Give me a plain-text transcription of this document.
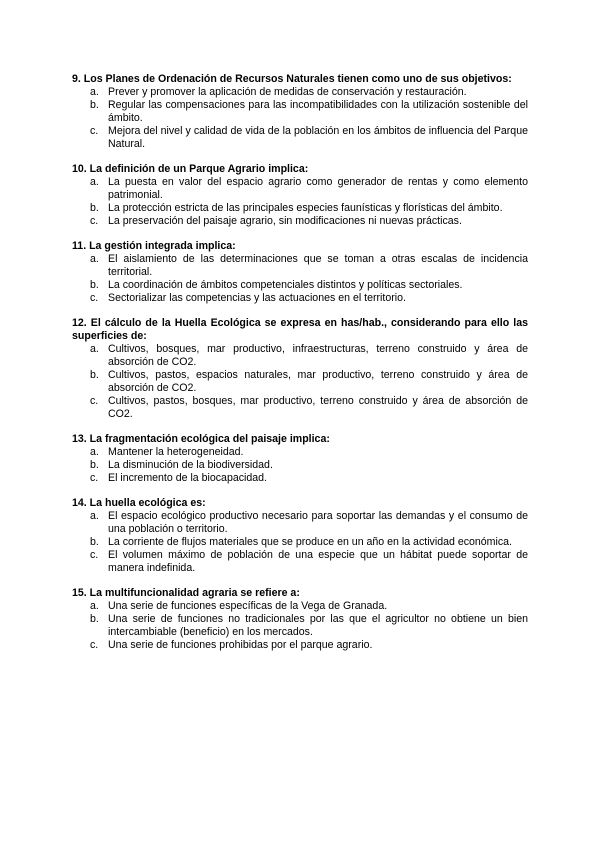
9. Los Planes de Ordenación de Recursos Naturales tienen como uno de sus objetivos:

a. Prever y promover la aplicación de medidas de conservación y restauración.
b. Regular las compensaciones para las incompatibilidades con la utilización sostenible del ámbito.
c. Mejora del nivel y calidad de vida de la población en los ámbitos de influencia del Parque Natural.

10. La definición de un Parque Agrario implica:

a. La puesta en valor del espacio agrario como generador de rentas y como elemento patrimonial.
b. La protección estricta de las principales especies faunísticas y florísticas del ámbito.
c. La preservación del paisaje agrario, sin modificaciones ni nuevas prácticas.

11. La gestión integrada implica:

a. El aislamiento de las determinaciones que se toman a otras escalas de incidencia territorial.
b. La coordinación de ámbitos competenciales distintos y políticas sectoriales.
c. Sectorializar las competencias y las actuaciones en el territorio.

12. El cálculo de la Huella Ecológica se expresa en has/hab., considerando para ello las superficies de:

a. Cultivos, bosques, mar productivo, infraestructuras, terreno construido y área de absorción de CO2.
b. Cultivos, pastos, espacios naturales, mar productivo, terreno construido y área de absorción de CO2.
c. Cultivos, pastos, bosques, mar productivo, terreno construido y área de absorción de CO2.

13. La fragmentación ecológica del paisaje implica:

a. Mantener la heterogeneidad.
b. La disminución de la biodiversidad.
c. El incremento de la biocapacidad.

14. La huella ecológica es:

a. El espacio ecológico productivo necesario para soportar las demandas y el consumo de una población o territorio.
b. La corriente de flujos materiales que se produce en un año en la actividad económica.
c. El volumen máximo de población de una especie que un hábitat puede soportar de manera indefinida.

15. La multifuncionalidad agraria se refiere a:

a. Una serie de funciones específicas de la Vega de Granada.
b. Una serie de funciones no tradicionales por las que el agricultor no obtiene un bien intercambiable (beneficio) en los mercados.
c. Una serie de funciones prohibidas por el parque agrario.
